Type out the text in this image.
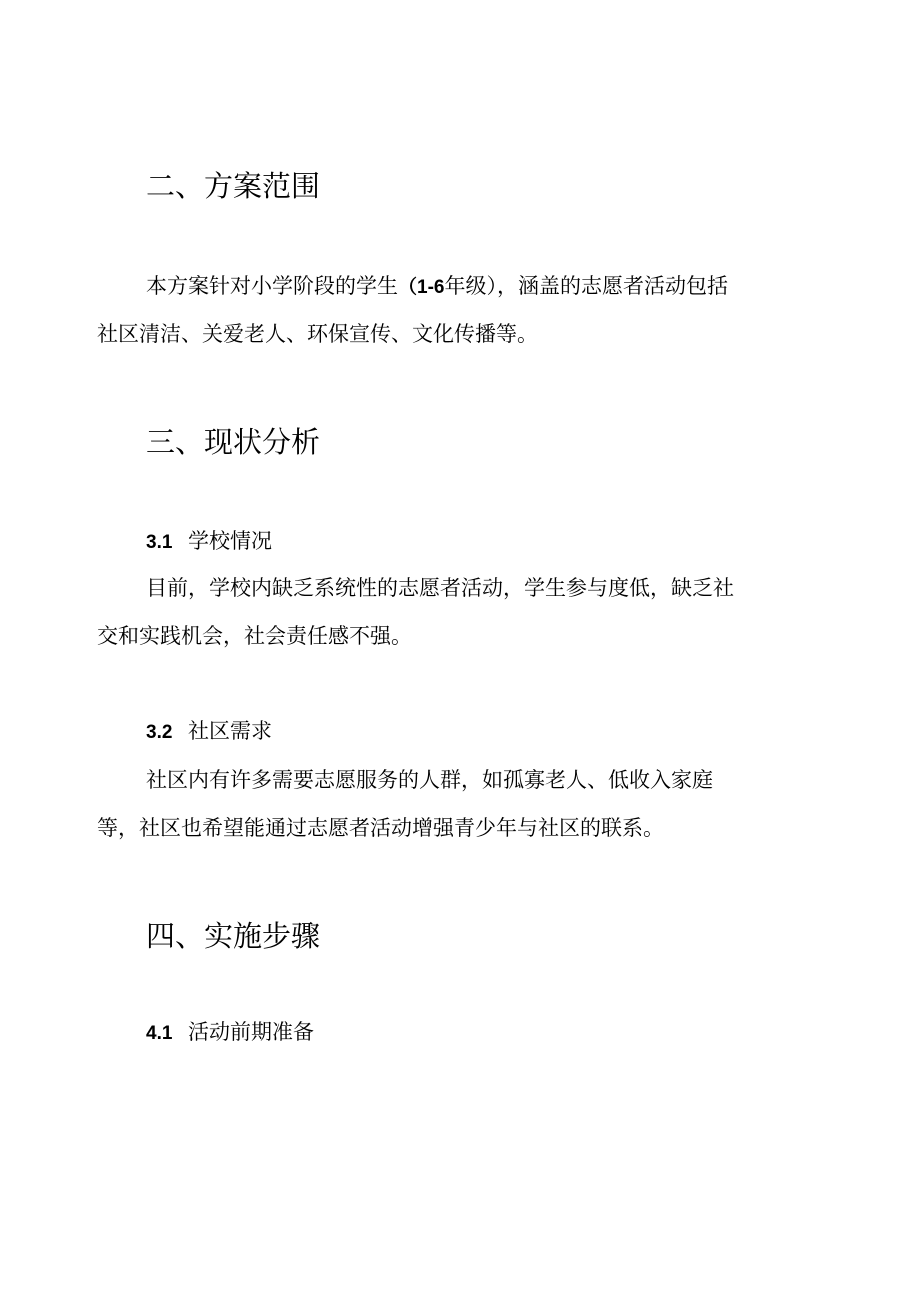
二、方案范围

本方案针对小学阶段的学生（1-6年级），涵盖的志愿者活动包括

社区清洁、关爱老人、环保宣传、文化传播等。

三、现状分析
3.1 学校情况

目前，学校内缺乏系统性的志愿者活动，学生参与度低，缺乏社

交和实践机会，社会责任感不强。

3.2 社区需求

社区内有许多需要志愿服务的人群，如孤寡老人、低收入家庭

等，社区也希望能通过志愿者活动增强青少年与社区的联系。

四、实施步骤
4.1 活动前期准备
